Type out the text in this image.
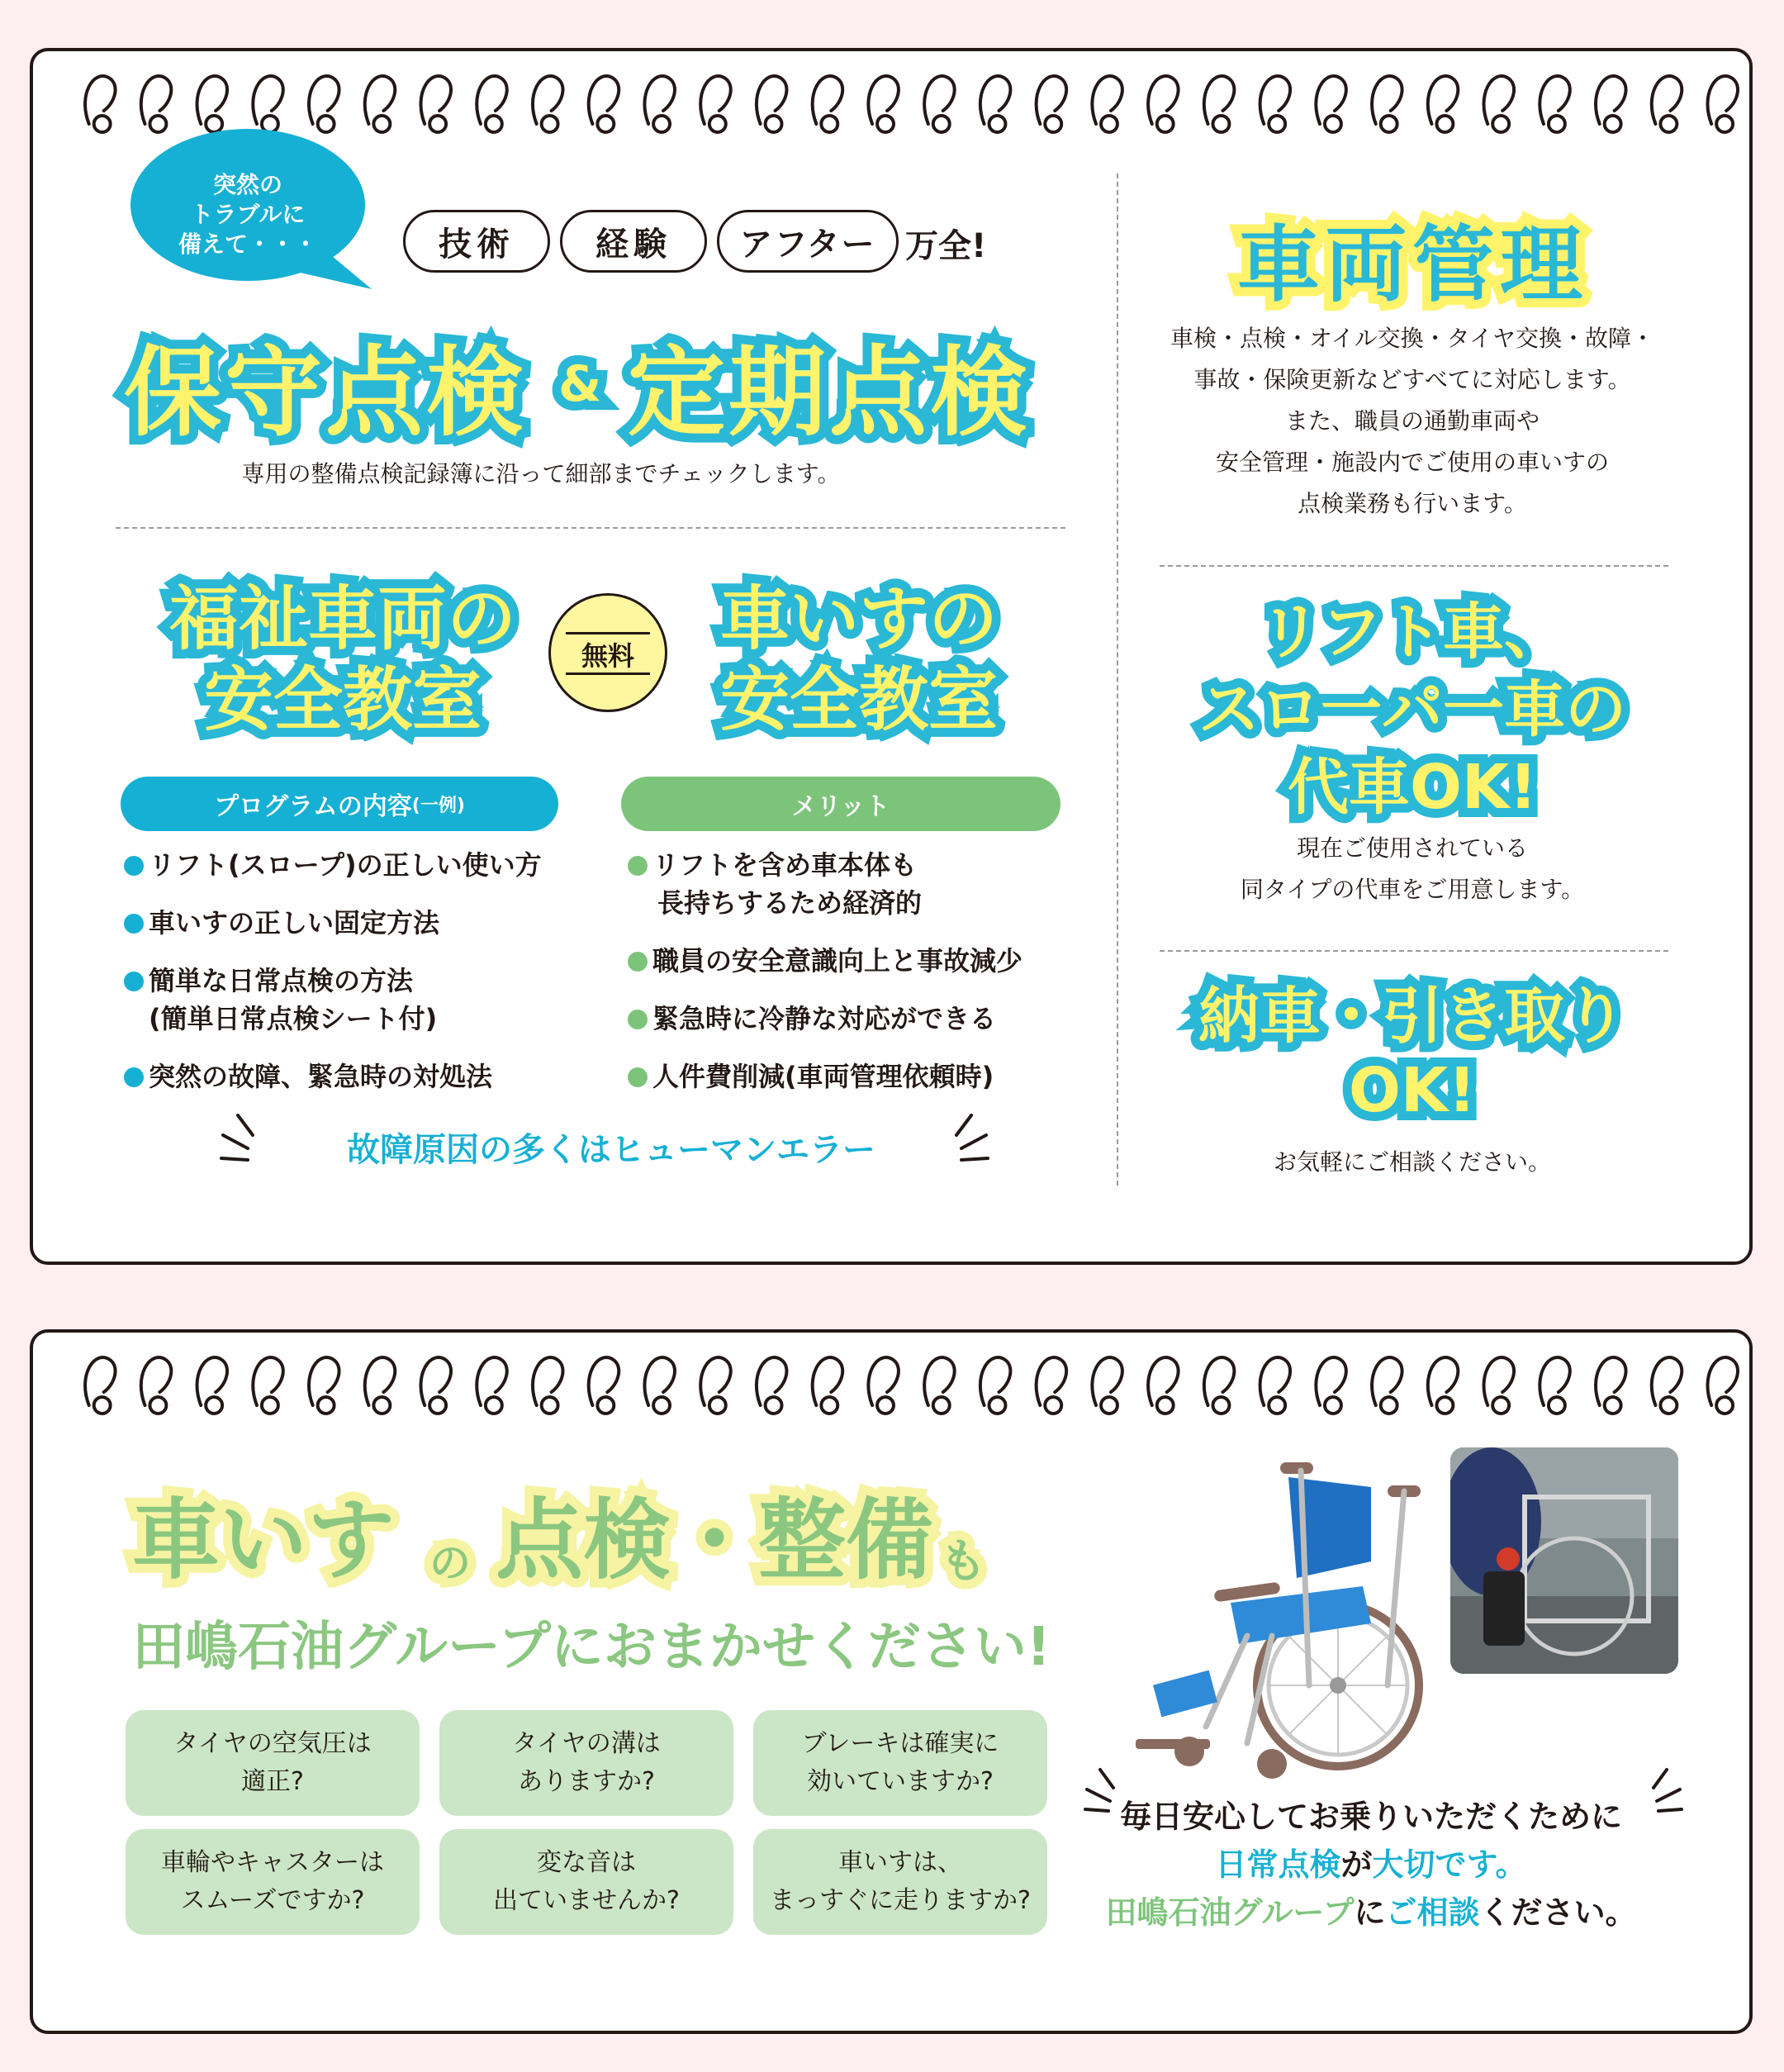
突然の
トラブルに
備えて・・・	技術	経験	アフター 万全!
保守点検 & 定期点検
専用の整備点検記録簿に沿って細部までチェックします。
福祉車両の
安全教室
無料	車いすの
安全教室
プログラムの内容 (一例)	メリット
リフト(スロープ)の正しい使い方
車いすの正しい固定方法
簡単な日常点検の方法
(簡単日常点検シート付)
突然の故障、緊急時の対処法
リフトを含め車本体も
長持ちするため経済的
職員の安全意識向上と事故減少
緊急時に冷静な対応ができる
人件費削減(車両管理依頼時)
故障原因の多くはヒューマンエラー
車両管理
車検・点検・オイル交換・タイヤ交換・故障・
事故・保険更新などすべてに対応します。
また、職員の通勤車両や
安全管理・施設内でご使用の車いすの
点検業務も行います。
リフト車、
スロ一パ一車の
代車OK!
現在ご使用されている
同タイプの代車をご用意します。
納車・引き取り
OK!
お気軽にご相談ください。
車いす の 点検・整備 も
田嶋石油グループにおまかせください!
タイヤの空気圧は
適正?
タイヤの溝は
ありますか?
ブレーキは確実に
効いていますか?
車輪やキャスターは
スムーズですか?
変な音は
出ていませんか?
車いすは、
まっすぐに走りますか?
毎日安心してお乗りいただくために
日常点検が大切です。
田嶋石油グループにご相談ください。
